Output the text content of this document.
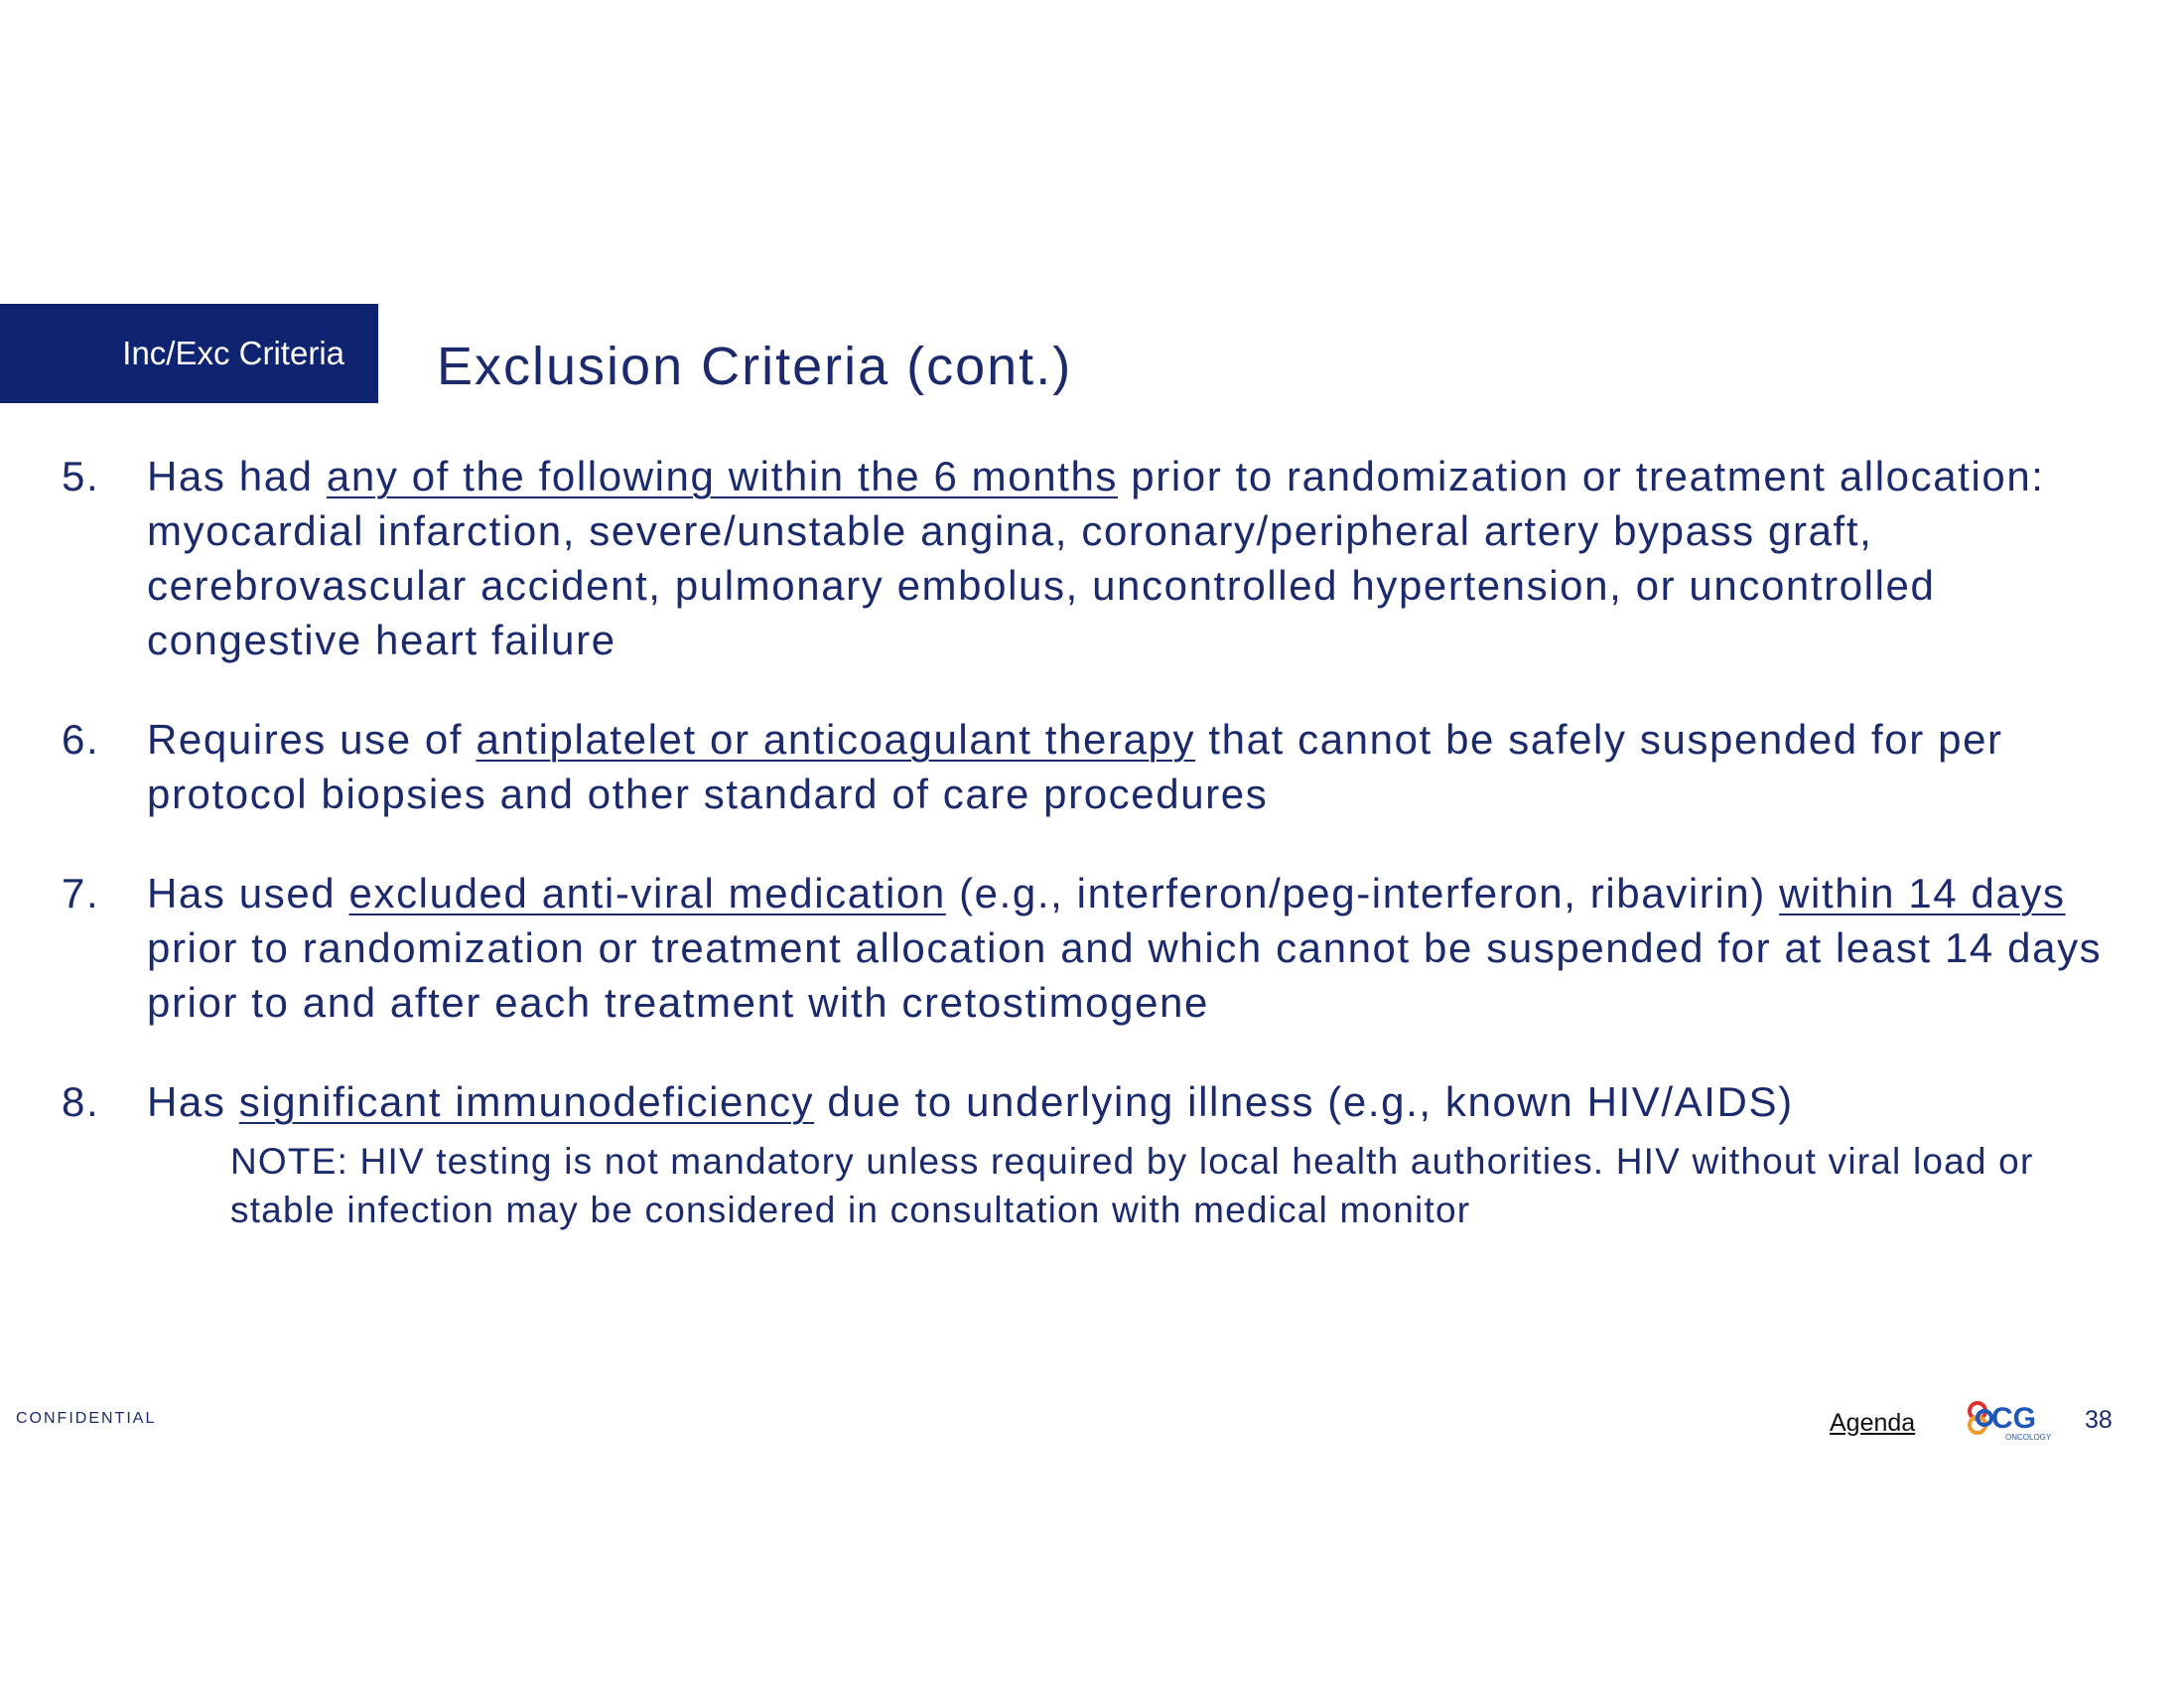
Inc/Exc Criteria Exclusion Criteria (cont.)
5. Has had any of the following within the 6 months prior to randomization or treatment allocation: myocardial infarction, severe/unstable angina, coronary/peripheral artery bypass graft, cerebrovascular accident, pulmonary embolus, uncontrolled hypertension, or uncontrolled congestive heart failure
6. Requires use of antiplatelet or anticoagulant therapy that cannot be safely suspended for per protocol biopsies and other standard of care procedures
7. Has used excluded anti-viral medication (e.g., interferon/peg-interferon, ribavirin) within 14 days prior to randomization or treatment allocation and which cannot be suspended for at least 14 days prior to and after each treatment with cretostimogene
8. Has significant immunodeficiency due to underlying illness (e.g., known HIV/AIDS)
NOTE: HIV testing is not mandatory unless required by local health authorities. HIV without viral load or stable infection may be considered in consultation with medical monitor
CONFIDENTIAL	Agenda	CG
ONCOLOGY
38
